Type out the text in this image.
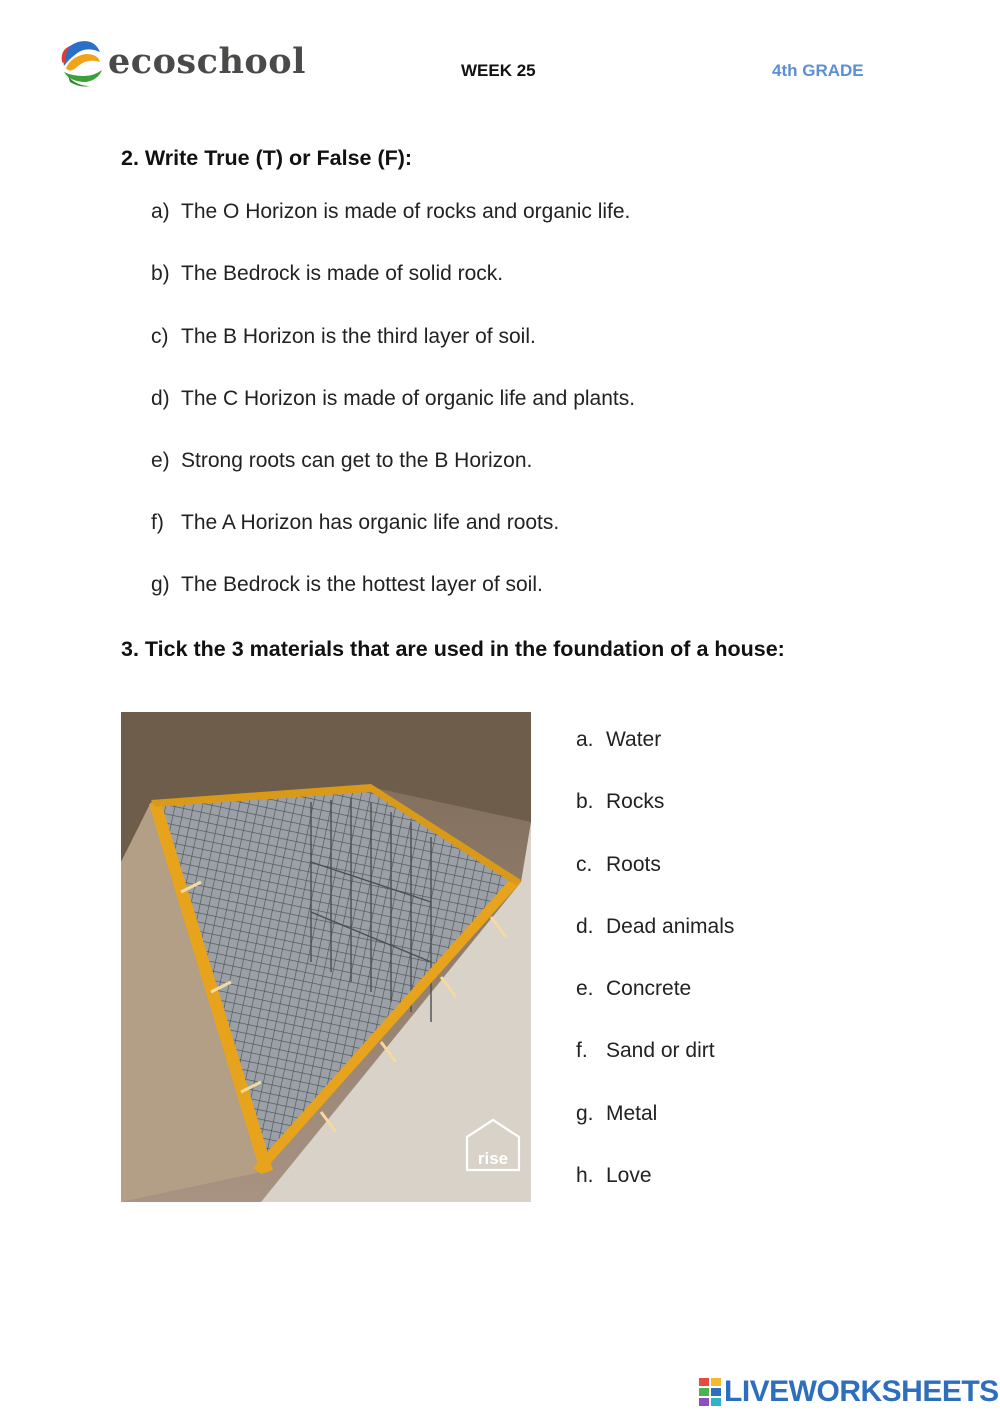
ecoschool	WEEK 25	4th GRADE
2. Write True (T) or False (F):
a) The O Horizon is made of rocks and organic life.
b) The Bedrock is made of solid rock.
c) The B Horizon is the third layer of soil.
d) The C Horizon is made of organic life and plants.
e) Strong roots can get to the B Horizon.
f) The A Horizon has organic life and roots.
g) The Bedrock is the hottest layer of soil.
3. Tick the 3 materials that are used in the foundation of a house:
rise
a. Water
b. Rocks
c. Roots
d. Dead animals
e. Concrete
f. Sand or dirt
g. Metal
h. Love
LIVEWORKSHEETS
